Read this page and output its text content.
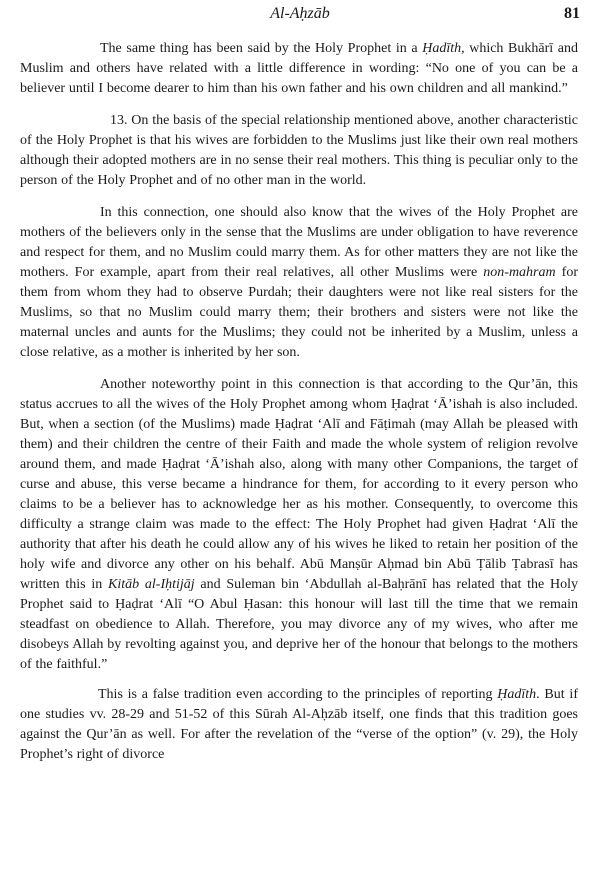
Al-Aḥzāb	81

The same thing has been said by the Holy Prophet in a Ḥadīth, which Bukhārī and Muslim and others have related with a little difference in wording: “No one of you can be a believer until I become dearer to him than his own father and his own children and all mankind.”

13. On the basis of the special relationship mentioned above, another characteristic of the Holy Prophet is that his wives are forbidden to the Muslims just like their own real mothers although their adopted mothers are in no sense their real mothers. This thing is peculiar only to the person of the Holy Prophet and of no other man in the world.

In this connection, one should also know that the wives of the Holy Prophet are mothers of the believers only in the sense that the Muslims are under obligation to have reverence and respect for them, and no Muslim could marry them. As for other matters they are not like the mothers. For example, apart from their real relatives, all other Muslims were non-mahram for them from whom they had to observe Purdah; their daughters were not like real sisters for the Muslims, so that no Muslim could marry them; their brothers and sisters were not like the maternal uncles and aunts for the Muslims; they could not be inherited by a Muslim, unless a close relative, as a mother is inherited by her son.

Another noteworthy point in this connection is that according to the Qur’ān, this status accrues to all the wives of the Holy Prophet among whom Ḥaḍrat ‘Ā’ishah is also included. But, when a section (of the Muslims) made Ḥaḍrat ‘Alī and Fāṭimah (may Allah be pleased with them) and their children the centre of their Faith and made the whole system of religion revolve around them, and made Ḥaḍrat ‘Ā’ishah also, along with many other Companions, the target of curse and abuse, this verse became a hindrance for them, for according to it every person who claims to be a believer has to acknowledge her as his mother. Consequently, to overcome this difficulty a strange claim was made to the effect: The Holy Prophet had given Ḥaḍrat ‘Alī the authority that after his death he could allow any of his wives he liked to retain her position of the holy wife and divorce any other on his behalf. Abū Manṣūr Aḥmad bin Abū Ṭālib Ṭabrasī has written this in Kitāb al-Iḥtijāj and Suleman bin ‘Abdullah al-Baḥrānī has related that the Holy Prophet said to Ḥaḍrat ‘Alī “O Abul Ḥasan: this honour will last till the time that we remain steadfast on obedience to Allah. Therefore, you may divorce any of my wives, who after me disobeys Allah by revolting against you, and deprive her of the honour that belongs to the mothers of the faithful.”

This is a false tradition even according to the principles of reporting Ḥadīth. But if one studies vv. 28-29 and 51-52 of this Sūrah Al-Aḥzāb itself, one finds that this tradition goes against the Qur’ān as well. For after the revelation of the “verse of the option” (v. 29), the Holy Prophet’s right of divorce
